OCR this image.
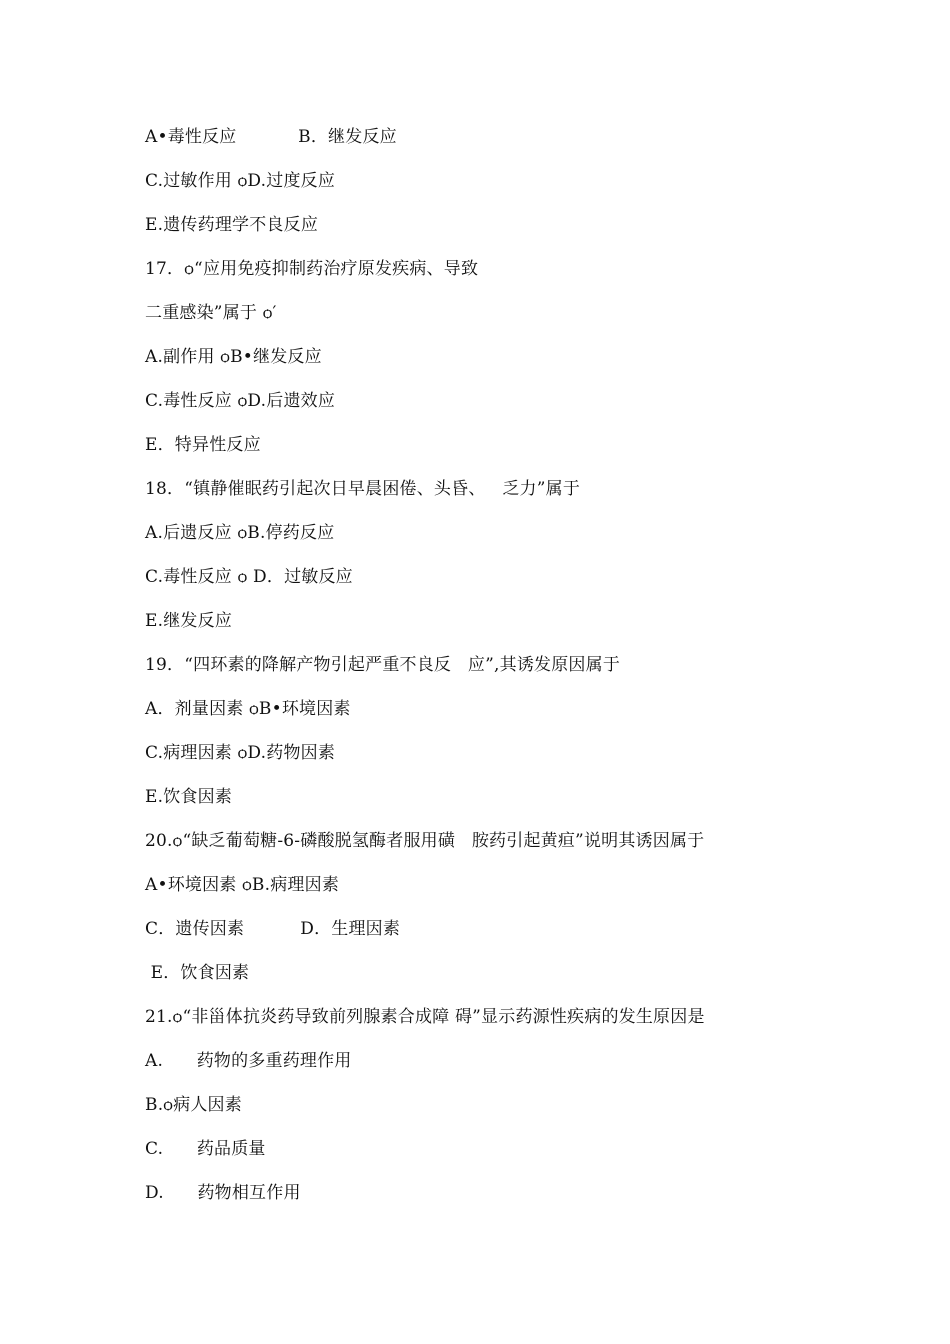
A•毒性反应           B．继发反应
C.过敏作用 ѻD.过度反应
E.遗传药理学不良反应
17．ѻ“应用免疫抑制药治疗原发疾病、导致
二重感染”属于 ѻ′
A.副作用 ѻB•继发反应
C.毒性反应 ѻD.后遗效应
E．特异性反应
18．“镇静催眠药引起次日早晨困倦、头昏、   乏力”属于
A.后遗反应 ѻB.停药反应
C.毒性反应 ѻ D．过敏反应
E.继发反应
19．“四环素的降解产物引起严重不良反   应”,其诱发原因属于
A．剂量因素 ѻB•环境因素
C.病理因素 ѻD.药物因素
E.饮食因素
20.ѻ“缺乏葡萄糖-6-磷酸脱氢酶者服用磺   胺药引起黄疸”说明其诱因属于
A•环境因素 ѻB.病理因素
C．遗传因素          D．生理因素
E．饮食因素
21.ѻ“非甾体抗炎药导致前列腺素合成障 碍”显示药源性疾病的发生原因是
A.      药物的多重药理作用
B.ѻ病人因素
C.      药品质量
D.      药物相互作用
